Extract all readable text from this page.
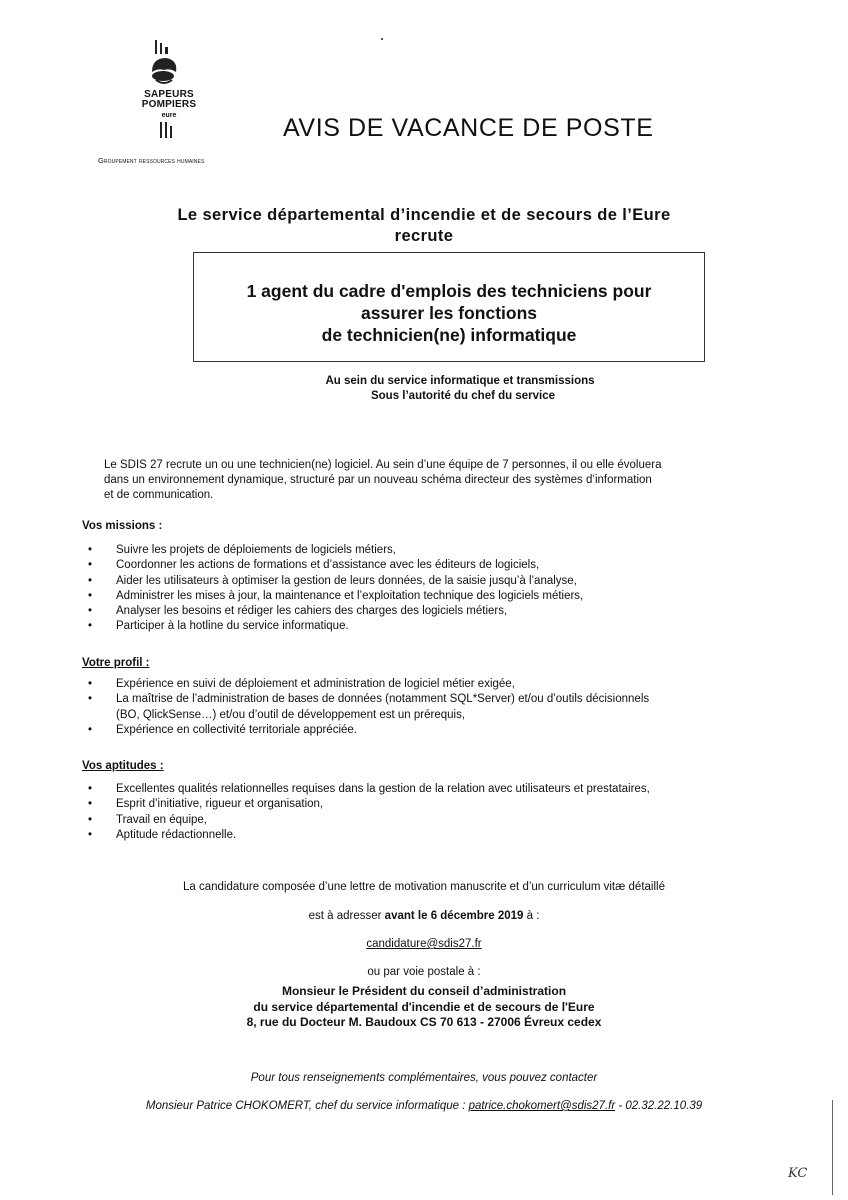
SAPEURS
POMPIERS
eure
Groupement ressources humaines
AVIS DE VACANCE DE POSTE
Le service départemental d’incendie et de secours de l’Eure
recrute
1 agent du cadre d'emplois des techniciens pour
assurer les fonctions
de technicien(ne) informatique
Au sein du service informatique et transmissions
Sous l’autorité du chef du service
Le SDIS 27 recrute un ou une technicien(ne) logiciel. Au sein d’une équipe de 7 personnes, il ou elle évoluera
dans un environnement dynamique, structuré par un nouveau schéma directeur des systèmes d’information
et de communication.
Vos missions :
• Suivre les projets de déploiements de logiciels métiers,
• Coordonner les actions de formations et d’assistance avec les éditeurs de logiciels,
• Aider les utilisateurs à optimiser la gestion de leurs données, de la saisie jusqu’à l’analyse,
• Administrer les mises à jour, la maintenance et l’exploitation technique des logiciels métiers,
• Analyser les besoins et rédiger les cahiers des charges des logiciels métiers,
• Participer à la hotline du service informatique.
Votre profil :
• Expérience en suivi de déploiement et administration de logiciel métier exigée,
• La maîtrise de l’administration de bases de données (notamment SQL*Server) et/ou d’outils décisionnels
(BO, QlickSense…) et/ou d’outil de développement est un prérequis,
• Expérience en collectivité territoriale appréciée.
Vos aptitudes :
• Excellentes qualités relationnelles requises dans la gestion de la relation avec utilisateurs et prestataires,
• Esprit d’initiative, rigueur et organisation,
• Travail en équipe,
• Aptitude rédactionnelle.
La candidature composée d’une lettre de motivation manuscrite et d’un curriculum vitæ détaillé
est à adresser avant le 6 décembre 2019 à :
candidature@sdis27.fr
ou par voie postale à :
Monsieur le Président du conseil d’administration
du service départemental d'incendie et de secours de l'Eure
8, rue du Docteur M. Baudoux CS 70 613 - 27006 Évreux cedex
Pour tous renseignements complémentaires, vous pouvez contacter
Monsieur Patrice CHOKOMERT, chef du service informatique : patrice.chokomert@sdis27.fr - 02.32.22.10.39
KC
